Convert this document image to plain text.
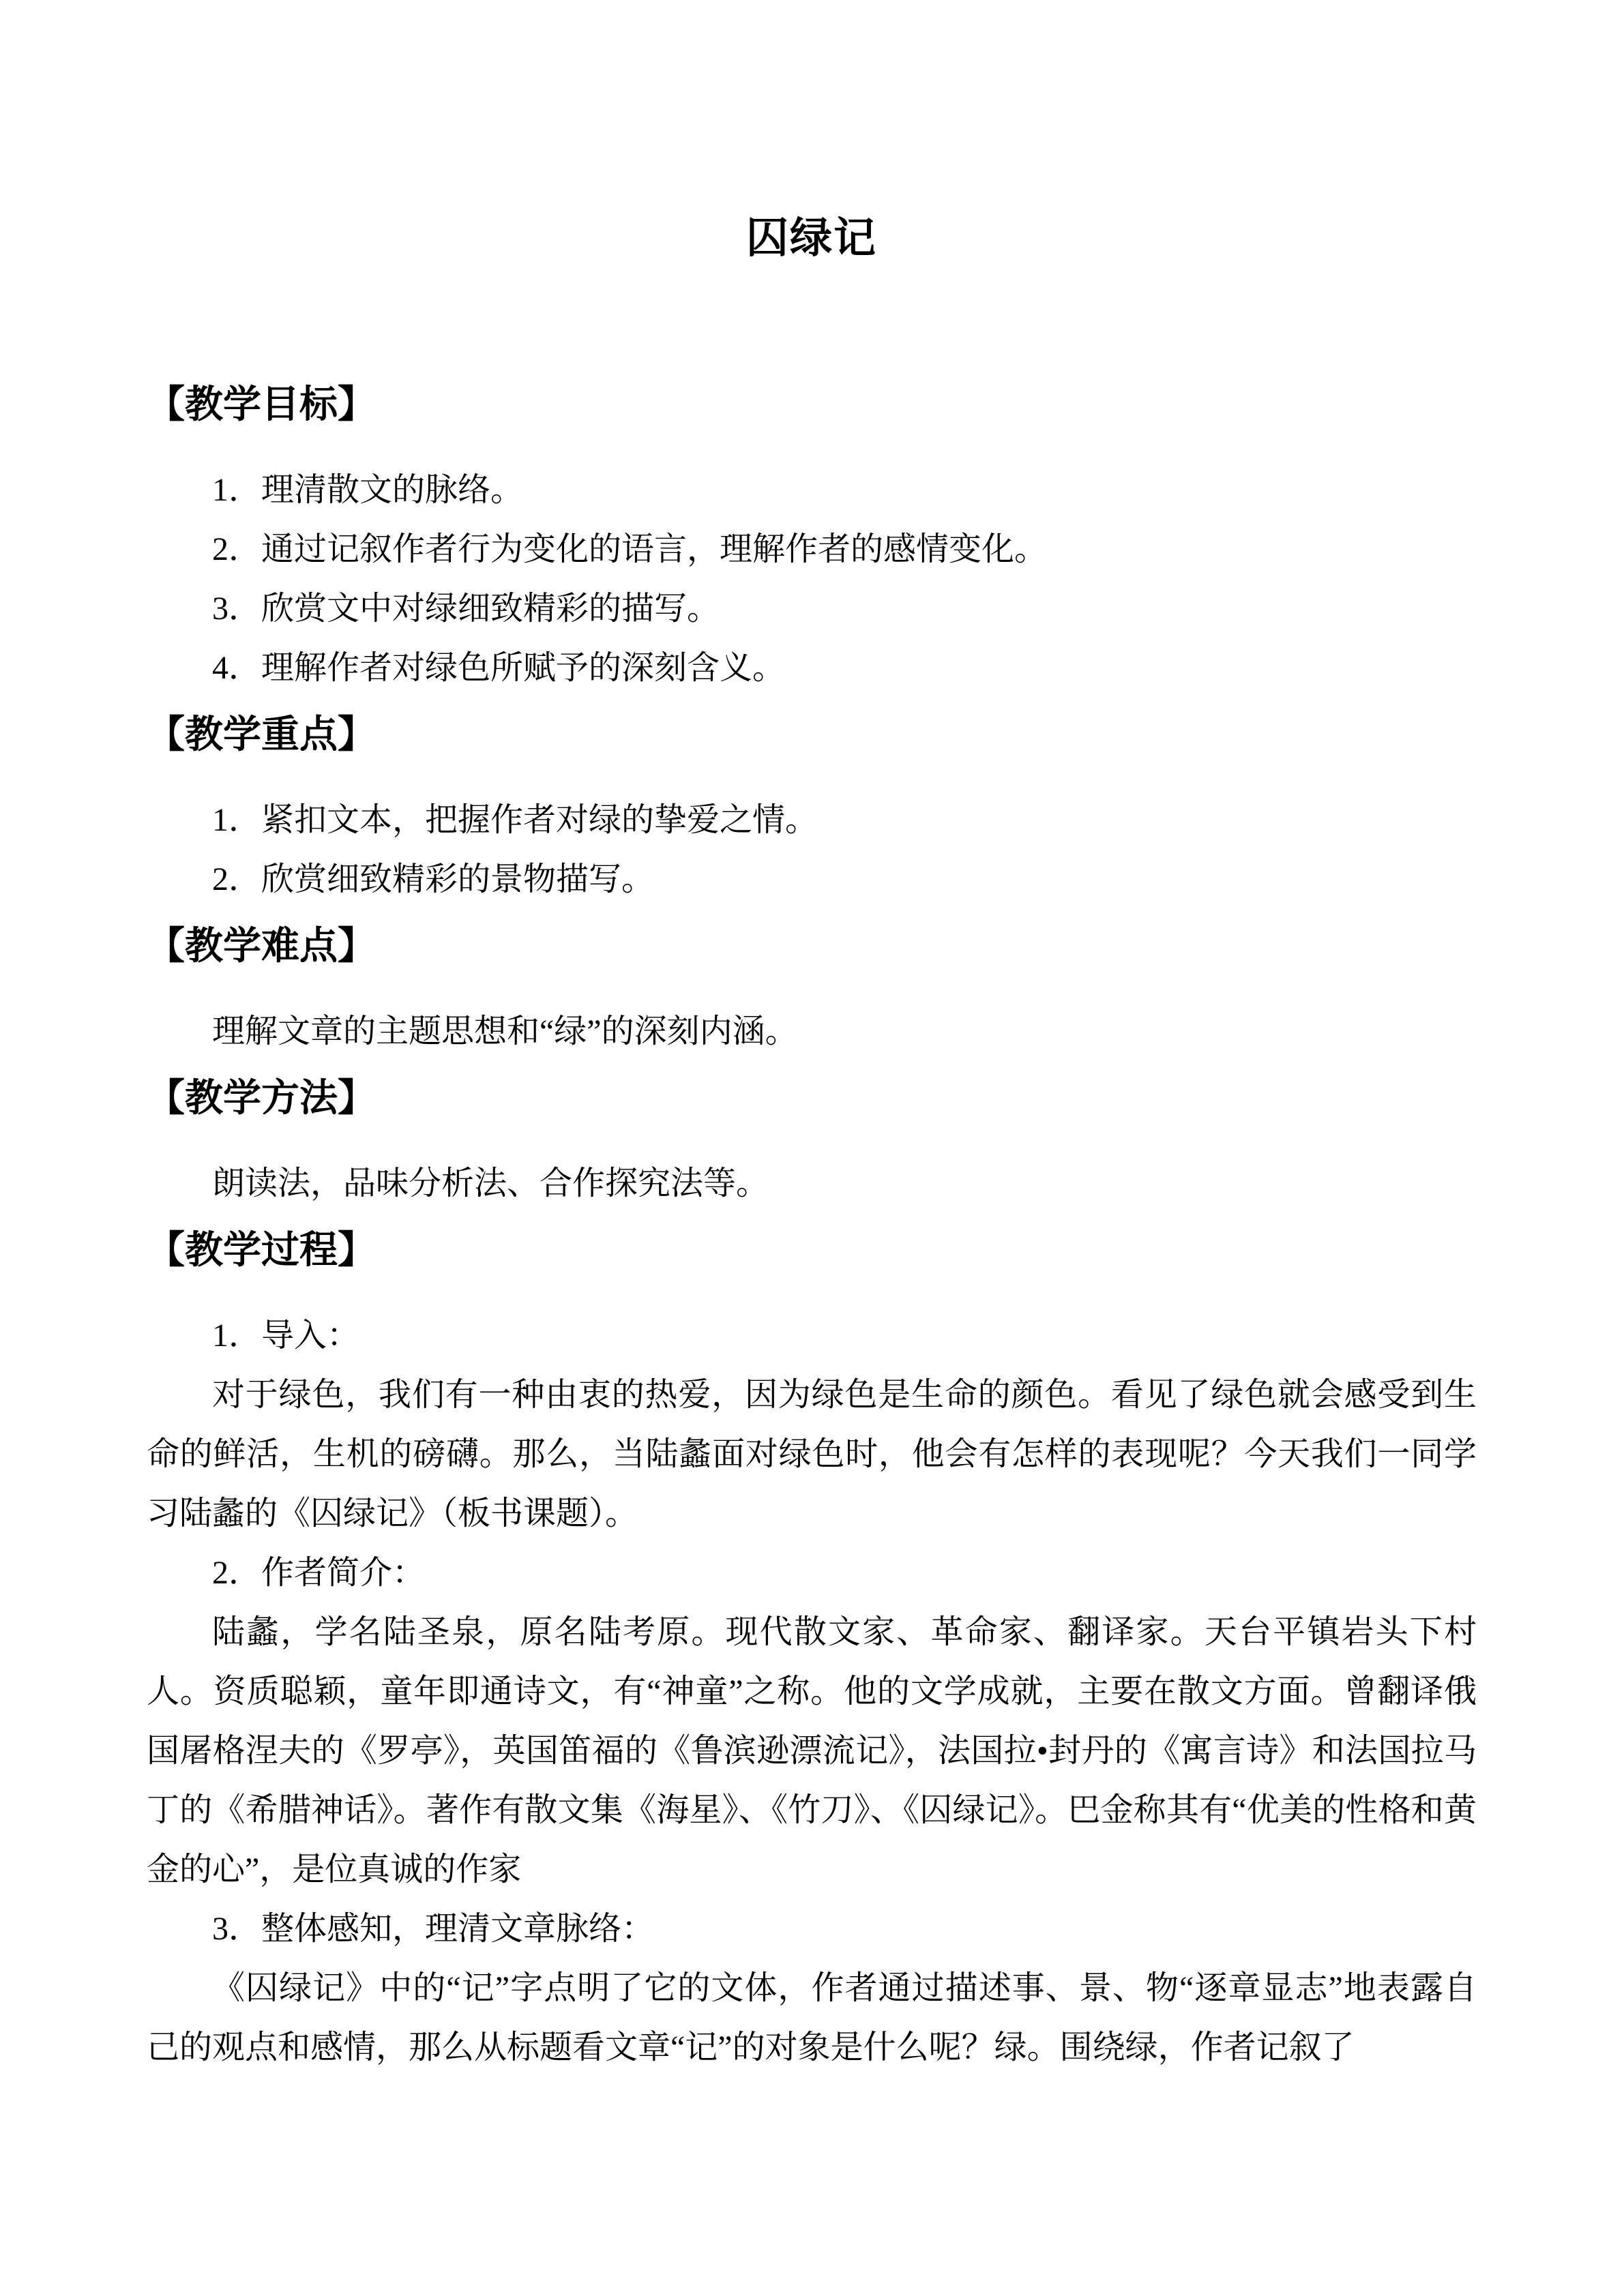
囚绿记
【教学目标】

1．理清散文的脉络。

2．通过记叙作者行为变化的语言，理解作者的感情变化。

3．欣赏文中对绿细致精彩的描写。

4．理解作者对绿色所赋予的深刻含义。

【教学重点】

1．紧扣文本，把握作者对绿的挚爱之情。

2．欣赏细致精彩的景物描写。

【教学难点】

理解文章的主题思想和“绿”的深刻内涵。

【教学方法】

朗读法，品味分析法、合作探究法等。

【教学过程】

1．导入：

对于绿色，我们有一种由衷的热爱，因为绿色是生命的颜色。看见了绿色就会感受到生命的鲜活，生机的磅礴。那么，当陆蠡面对绿色时，他会有怎样的表现呢？今天我们一同学习陆蠡的《囚绿记》（板书课题）。

2．作者简介：

陆蠡，学名陆圣泉，原名陆考原。现代散文家、革命家、翻译家。天台平镇岩头下村人。资质聪颖，童年即通诗文，有“神童”之称。他的文学成就，主要在散文方面。曾翻译俄国屠格涅夫的《罗亭》，英国笛福的《鲁滨逊漂流记》，法国拉•封丹的《寓言诗》和法国拉马丁的《希腊神话》。著作有散文集《海星》、《竹刀》、《囚绿记》。巴金称其有“优美的性格和黄金的心”，是位真诚的作家

3．整体感知，理清文章脉络：

《囚绿记》中的“记”字点明了它的文体，作者通过描述事、景、物“逐章显志”地表露自己的观点和感情，那么从标题看文章“记”的对象是什么呢？绿。围绕绿，作者记叙了
